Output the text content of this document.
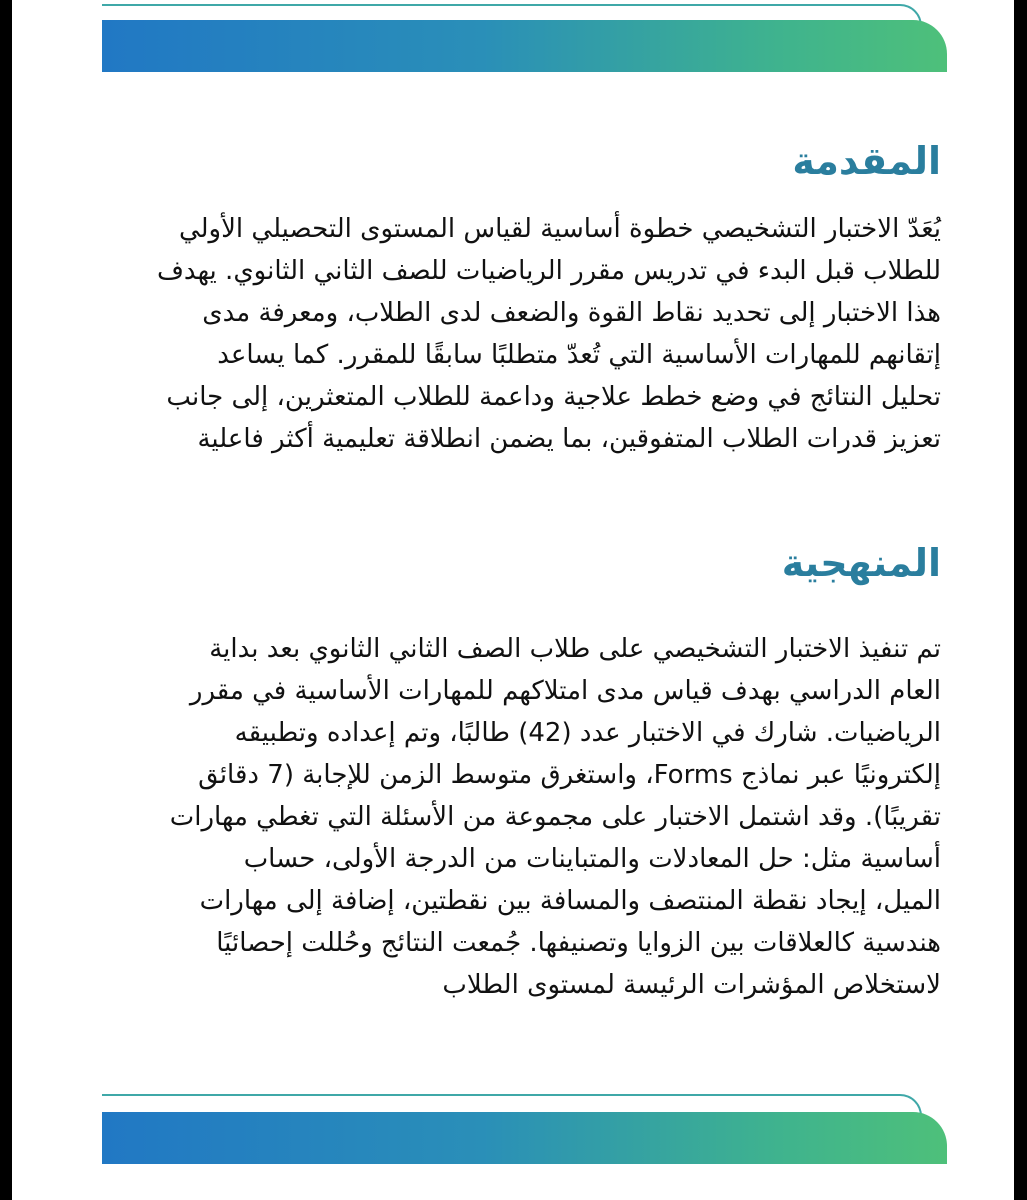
المقدمة
يُعَدّ الاختبار التشخيصي خطوة أساسية لقياس المستوى التحصيلي الأولي
للطلاب قبل البدء في تدريس مقرر الرياضيات للصف الثاني الثانوي. يهدف
هذا الاختبار إلى تحديد نقاط القوة والضعف لدى الطلاب، ومعرفة مدى
إتقانهم للمهارات الأساسية التي تُعدّ متطلبًا سابقًا للمقرر. كما يساعد
تحليل النتائج في وضع خطط علاجية وداعمة للطلاب المتعثرين، إلى جانب
تعزيز قدرات الطلاب المتفوقين، بما يضمن انطلاقة تعليمية أكثر فاعلية
المنهجية
تم تنفيذ الاختبار التشخيصي على طلاب الصف الثاني الثانوي بعد بداية
العام الدراسي بهدف قياس مدى امتلاكهم للمهارات الأساسية في مقرر
الرياضيات. شارك في الاختبار عدد (42) طالبًا، وتم إعداده وتطبيقه
إلكترونيًا عبر نماذج Forms، واستغرق متوسط الزمن للإجابة (7 دقائق
تقريبًا). وقد اشتمل الاختبار على مجموعة من الأسئلة التي تغطي مهارات
أساسية مثل: حل المعادلات والمتباينات من الدرجة الأولى، حساب
الميل، إيجاد نقطة المنتصف والمسافة بين نقطتين، إضافة إلى مهارات
هندسية كالعلاقات بين الزوايا وتصنيفها. جُمعت النتائج وحُللت إحصائيًا
لاستخلاص المؤشرات الرئيسة لمستوى الطلاب
